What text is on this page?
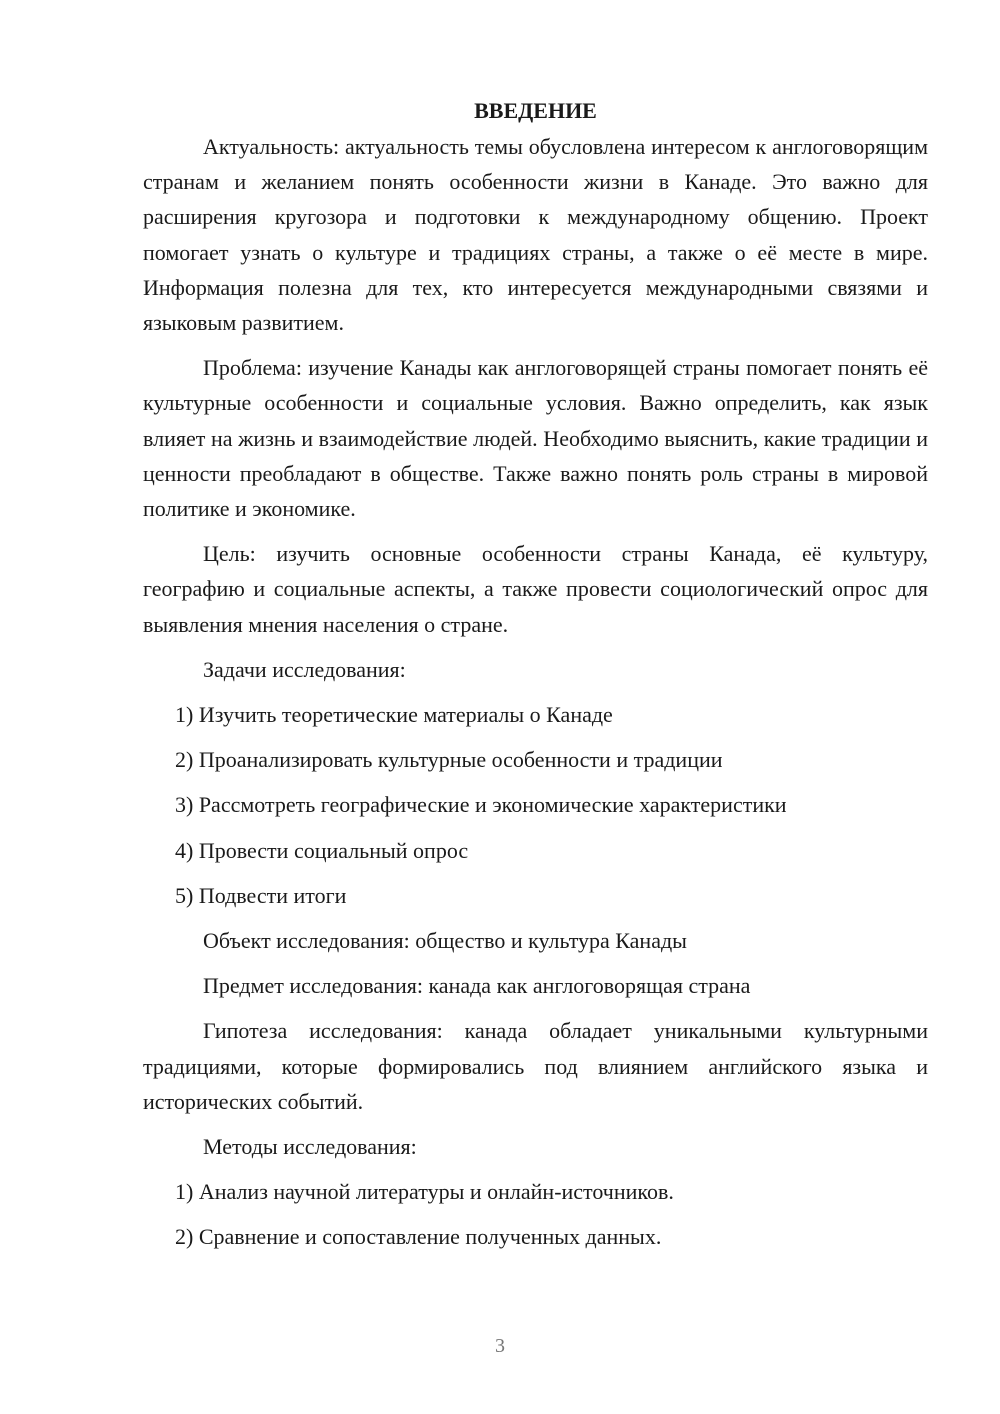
ВВЕДЕНИЕ

Актуальность: актуальность темы обусловлена интересом к англоговорящим странам и желанием понять особенности жизни в Канаде. Это важно для расширения кругозора и подготовки к международному общению. Проект помогает узнать о культуре и традициях страны, а также о её месте в мире. Информация полезна для тех, кто интересуется международными связями и языковым развитием.

Проблема: изучение Канады как англоговорящей страны помогает понять её культурные особенности и социальные условия. Важно определить, как язык влияет на жизнь и взаимодействие людей. Необходимо выяснить, какие традиции и ценности преобладают в обществе. Также важно понять роль страны в мировой политике и экономике.

Цель: изучить основные особенности страны Канада, её культуру, географию и социальные аспекты, а также провести социологический опрос для выявления мнения населения о стране.

Задачи исследования:
1) Изучить теоретические материалы о Канаде
2) Проанализировать культурные особенности и традиции
3) Рассмотреть географические и экономические характеристики
4) Провести социальный опрос
5) Подвести итоги
Объект исследования: общество и культура Канады
Предмет исследования: канада как англоговорящая страна

Гипотеза исследования: канада обладает уникальными культурными традициями, которые формировались под влиянием английского языка и исторических событий.

Методы исследования:
1) Анализ научной литературы и онлайн-источников.
2) Сравнение и сопоставление полученных данных.
3
